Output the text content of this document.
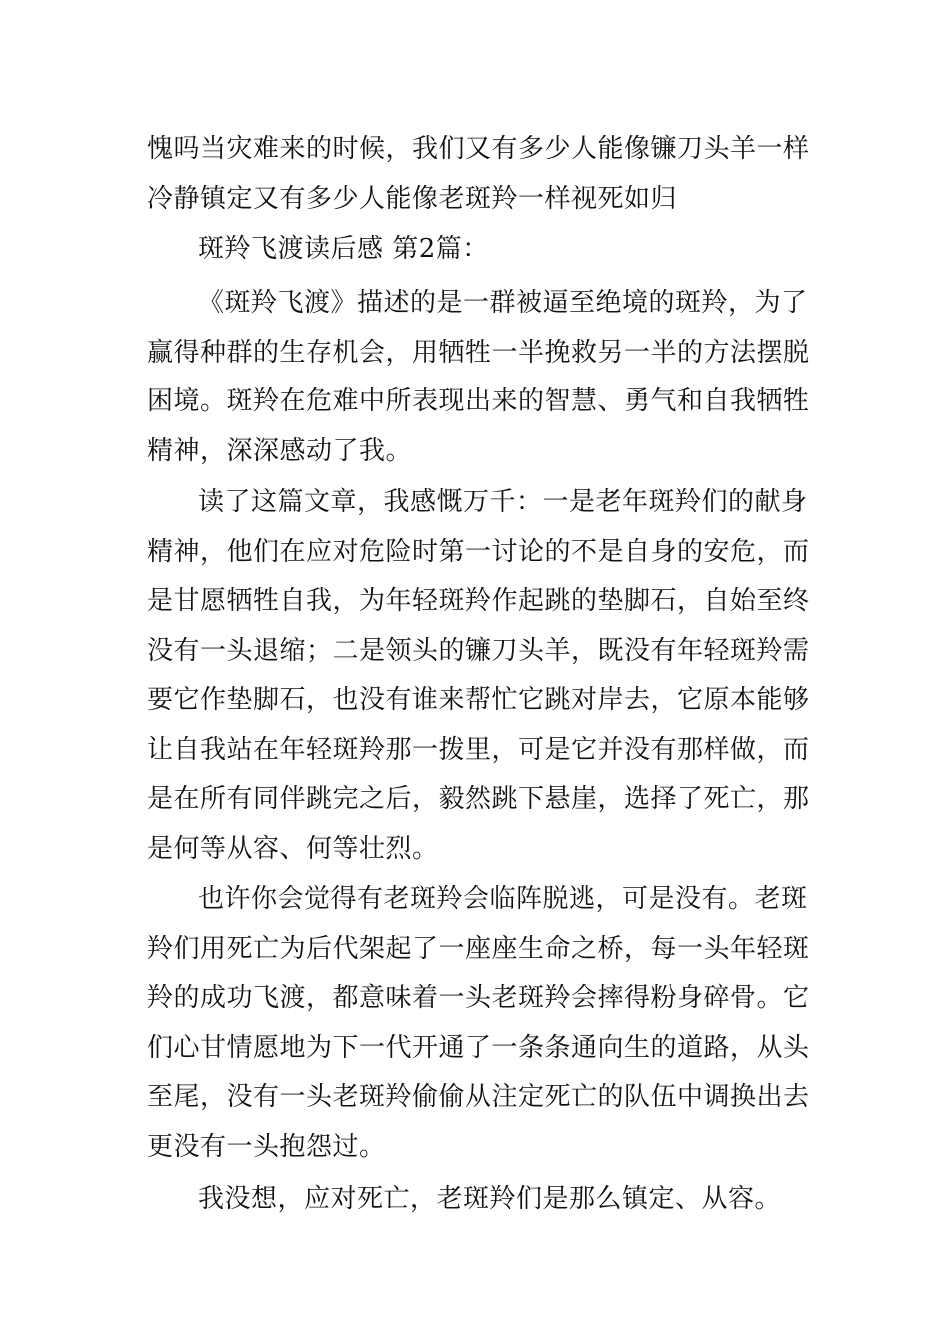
愧吗当灾难来的时候，我们又有多少人能像镰刀头羊一样
冷静镇定又有多少人能像老斑羚一样视死如归
斑羚飞渡读后感 第2篇：
《斑羚飞渡》描述的是一群被逼至绝境的斑羚，为了
赢得种群的生存机会，用牺牲一半挽救另一半的方法摆脱
困境。斑羚在危难中所表现出来的智慧、勇气和自我牺牲
精神，深深感动了我。
读了这篇文章，我感慨万千：一是老年斑羚们的献身
精神，他们在应对危险时第一讨论的不是自身的安危，而
是甘愿牺牲自我，为年轻斑羚作起跳的垫脚石，自始至终
没有一头退缩；二是领头的镰刀头羊，既没有年轻斑羚需
要它作垫脚石，也没有谁来帮忙它跳对岸去，它原本能够
让自我站在年轻斑羚那一拨里，可是它并没有那样做，而
是在所有同伴跳完之后，毅然跳下悬崖，选择了死亡，那
是何等从容、何等壮烈。
也许你会觉得有老斑羚会临阵脱逃，可是没有。老斑
羚们用死亡为后代架起了一座座生命之桥，每一头年轻斑
羚的成功飞渡，都意味着一头老斑羚会摔得粉身碎骨。它
们心甘情愿地为下一代开通了一条条通向生的道路，从头
至尾，没有一头老斑羚偷偷从注定死亡的队伍中调换出去
更没有一头抱怨过。
我没想，应对死亡，老斑羚们是那么镇定、从容。
